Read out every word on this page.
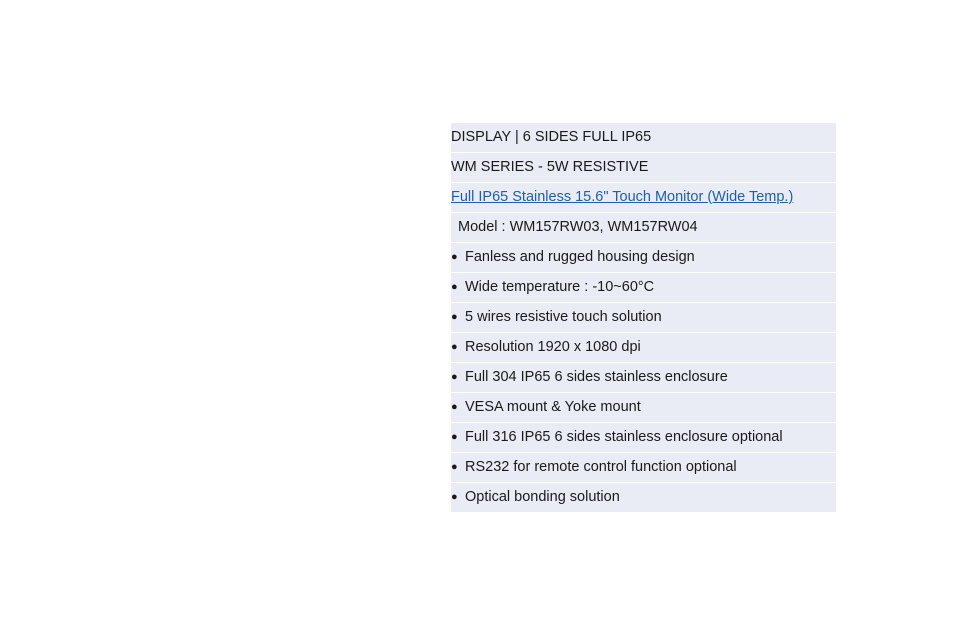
DISPLAY | 6 SIDES FULL IP65
WM SERIES - 5W RESISTIVE
Full IP65 Stainless 15.6" Touch Monitor (Wide Temp.)
Model : WM157RW03, WM157RW04
● Fanless and rugged housing design
● Wide temperature : -10~60°C
● 5 wires resistive touch solution
● Resolution 1920 x 1080 dpi
● Full 304 IP65 6 sides stainless enclosure
● VESA mount & Yoke mount
● Full 316 IP65 6 sides stainless enclosure optional
● RS232 for remote control function optional
● Optical bonding solution
